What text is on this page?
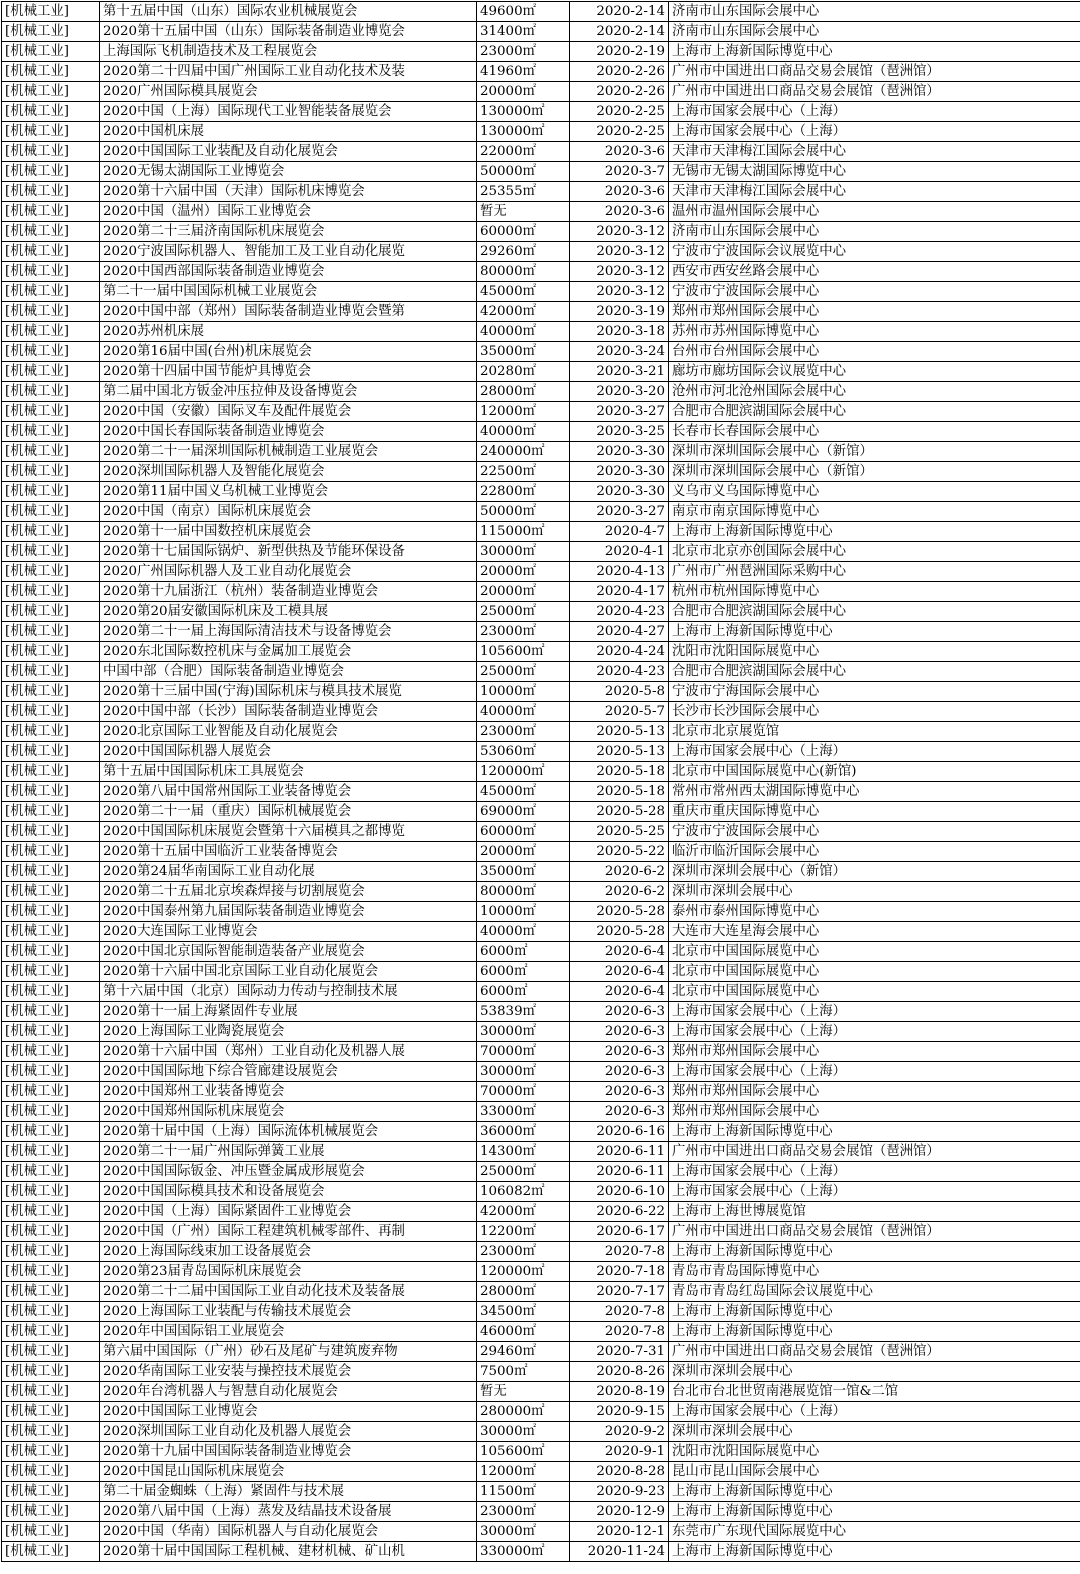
[机械工业]	第十五届中国（山东）国际农业机械展览会	49600㎡	2020-2-14	济南市山东国际会展中心
[机械工业]	2020第十五届中国（山东）国际装备制造业博览会	31400㎡	2020-2-14	济南市山东国际会展中心
[机械工业]	上海国际飞机制造技术及工程展览会	23000㎡	2020-2-19	上海市上海新国际博览中心
[机械工业]	2020第二十四届中国广州国际工业自动化技术及装	41960㎡	2020-2-26	广州市中国进出口商品交易会展馆（琶洲馆）
[机械工业]	2020广州国际模具展览会	20000㎡	2020-2-26	广州市中国进出口商品交易会展馆（琶洲馆）
[机械工业]	2020中国（上海）国际现代工业智能装备展览会	130000㎡	2020-2-25	上海市国家会展中心（上海）
[机械工业]	2020中国机床展	130000㎡	2020-2-25	上海市国家会展中心（上海）
[机械工业]	2020中国国际工业装配及自动化展览会	22000㎡	2020-3-6	天津市天津梅江国际会展中心
[机械工业]	2020无锡太湖国际工业博览会	50000㎡	2020-3-7	无锡市无锡太湖国际博览中心
[机械工业]	2020第十六届中国（天津）国际机床博览会	25355㎡	2020-3-6	天津市天津梅江国际会展中心
[机械工业]	2020中国（温州）国际工业博览会	暂无	2020-3-6	温州市温州国际会展中心
[机械工业]	2020第二十三届济南国际机床展览会	60000㎡	2020-3-12	济南市山东国际会展中心
[机械工业]	2020宁波国际机器人、智能加工及工业自动化展览	29260㎡	2020-3-12	宁波市宁波国际会议展览中心
[机械工业]	2020中国西部国际装备制造业博览会	80000㎡	2020-3-12	西安市西安丝路会展中心
[机械工业]	第二十一届中国国际机械工业展览会	45000㎡	2020-3-12	宁波市宁波国际会展中心
[机械工业]	2020中国中部（郑州）国际装备制造业博览会暨第	42000㎡	2020-3-19	郑州市郑州国际会展中心
[机械工业]	2020苏州机床展	40000㎡	2020-3-18	苏州市苏州国际博览中心
[机械工业]	2020第16届中国(台州)机床展览会	35000㎡	2020-3-24	台州市台州国际会展中心
[机械工业]	2020第十四届中国节能炉具博览会	20280㎡	2020-3-21	廊坊市廊坊国际会议展览中心
[机械工业]	第二届中国北方钣金冲压拉伸及设备博览会	28000㎡	2020-3-20	沧州市河北沧州国际会展中心
[机械工业]	2020中国（安徽）国际叉车及配件展览会	12000㎡	2020-3-27	合肥市合肥滨湖国际会展中心
[机械工业]	2020中国长春国际装备制造业博览会	40000㎡	2020-3-25	长春市长春国际会展中心
[机械工业]	2020第二十一届深圳国际机械制造工业展览会	240000㎡	2020-3-30	深圳市深圳国际会展中心（新馆）
[机械工业]	2020深圳国际机器人及智能化展览会	22500㎡	2020-3-30	深圳市深圳国际会展中心（新馆）
[机械工业]	2020第11届中国义乌机械工业博览会	22800㎡	2020-3-30	义乌市义乌国际博览中心
[机械工业]	2020中国（南京）国际机床展览会	50000㎡	2020-3-27	南京市南京国际博览中心
[机械工业]	2020第十一届中国数控机床展览会	115000㎡	2020-4-7	上海市上海新国际博览中心
[机械工业]	2020第十七届国际锅炉、新型供热及节能环保设备	30000㎡	2020-4-1	北京市北京亦创国际会展中心
[机械工业]	2020广州国际机器人及工业自动化展览会	20000㎡	2020-4-13	广州市广州琶洲国际采购中心
[机械工业]	2020第十九届浙江（杭州）装备制造业博览会	20000㎡	2020-4-17	杭州市杭州国际博览中心
[机械工业]	2020第20届安徽国际机床及工模具展	25000㎡	2020-4-23	合肥市合肥滨湖国际会展中心
[机械工业]	2020第二十一届上海国际清洁技术与设备博览会	23000㎡	2020-4-27	上海市上海新国际博览中心
[机械工业]	2020东北国际数控机床与金属加工展览会	105600㎡	2020-4-24	沈阳市沈阳国际展览中心
[机械工业]	中国中部（合肥）国际装备制造业博览会	25000㎡	2020-4-23	合肥市合肥滨湖国际会展中心
[机械工业]	2020第十三届中国(宁海)国际机床与模具技术展览	10000㎡	2020-5-8	宁波市宁海国际会展中心
[机械工业]	2020中国中部（长沙）国际装备制造业博览会	40000㎡	2020-5-7	长沙市长沙国际会展中心
[机械工业]	2020北京国际工业智能及自动化展览会	23000㎡	2020-5-13	北京市北京展览馆
[机械工业]	2020中国国际机器人展览会	53060㎡	2020-5-13	上海市国家会展中心（上海）
[机械工业]	第十五届中国国际机床工具展览会	120000㎡	2020-5-18	北京市中国国际展览中心(新馆)
[机械工业]	2020第八届中国常州国际工业装备博览会	45000㎡	2020-5-18	常州市常州西太湖国际博览中心
[机械工业]	2020第二十一届（重庆）国际机械展览会	69000㎡	2020-5-28	重庆市重庆国际博览中心
[机械工业]	2020中国国际机床展览会暨第十六届模具之都博览	60000㎡	2020-5-25	宁波市宁波国际会展中心
[机械工业]	2020第十五届中国临沂工业装备博览会	20000㎡	2020-5-22	临沂市临沂国际会展中心
[机械工业]	2020第24届华南国际工业自动化展	35000㎡	2020-6-2	深圳市深圳会展中心（新馆）
[机械工业]	2020第二十五届北京埃森焊接与切割展览会	80000㎡	2020-6-2	深圳市深圳会展中心
[机械工业]	2020中国泰州第九届国际装备制造业博览会	10000㎡	2020-5-28	泰州市泰州国际博览中心
[机械工业]	2020大连国际工业博览会	40000㎡	2020-5-28	大连市大连星海会展中心
[机械工业]	2020中国北京国际智能制造装备产业展览会	6000㎡	2020-6-4	北京市中国国际展览中心
[机械工业]	2020第十六届中国北京国际工业自动化展览会	6000㎡	2020-6-4	北京市中国国际展览中心
[机械工业]	第十六届中国（北京）国际动力传动与控制技术展	6000㎡	2020-6-4	北京市中国国际展览中心
[机械工业]	2020第十一届上海紧固件专业展	53839㎡	2020-6-3	上海市国家会展中心（上海）
[机械工业]	2020上海国际工业陶瓷展览会	30000㎡	2020-6-3	上海市国家会展中心（上海）
[机械工业]	2020第十六届中国（郑州）工业自动化及机器人展	70000㎡	2020-6-3	郑州市郑州国际会展中心
[机械工业]	2020中国国际地下综合管廊建设展览会	30000㎡	2020-6-3	上海市国家会展中心（上海）
[机械工业]	2020中国郑州工业装备博览会	70000㎡	2020-6-3	郑州市郑州国际会展中心
[机械工业]	2020中国郑州国际机床展览会	33000㎡	2020-6-3	郑州市郑州国际会展中心
[机械工业]	2020第十届中国（上海）国际流体机械展览会	36000㎡	2020-6-16	上海市上海新国际博览中心
[机械工业]	2020第二十一届广州国际弹簧工业展	14300㎡	2020-6-11	广州市中国进出口商品交易会展馆（琶洲馆）
[机械工业]	2020中国国际钣金、冲压暨金属成形展览会	25000㎡	2020-6-11	上海市国家会展中心（上海）
[机械工业]	2020中国国际模具技术和设备展览会	106082㎡	2020-6-10	上海市国家会展中心（上海）
[机械工业]	2020中国（上海）国际紧固件工业博览会	42000㎡	2020-6-22	上海市上海世博展览馆
[机械工业]	2020中国（广州）国际工程建筑机械零部件、再制	12200㎡	2020-6-17	广州市中国进出口商品交易会展馆（琶洲馆）
[机械工业]	2020上海国际线束加工设备展览会	23000㎡	2020-7-8	上海市上海新国际博览中心
[机械工业]	2020第23届青岛国际机床展览会	120000㎡	2020-7-18	青岛市青岛国际博览中心
[机械工业]	2020第二十二届中国国际工业自动化技术及装备展	28000㎡	2020-7-17	青岛市青岛红岛国际会议展览中心
[机械工业]	2020上海国际工业装配与传输技术展览会	34500㎡	2020-7-8	上海市上海新国际博览中心
[机械工业]	2020年中国国际铝工业展览会	46000㎡	2020-7-8	上海市上海新国际博览中心
[机械工业]	第六届中国国际（广州）砂石及尾矿与建筑废弃物	29460㎡	2020-7-31	广州市中国进出口商品交易会展馆（琶洲馆）
[机械工业]	2020华南国际工业安装与操控技术展览会	7500㎡	2020-8-26	深圳市深圳会展中心
[机械工业]	2020年台湾机器人与智慧自动化展览会	暂无	2020-8-19	台北市台北世贸南港展览馆一馆&二馆
[机械工业]	2020中国国际工业博览会	280000㎡	2020-9-15	上海市国家会展中心（上海）
[机械工业]	2020深圳国际工业自动化及机器人展览会	30000㎡	2020-9-2	深圳市深圳会展中心
[机械工业]	2020第十九届中国国际装备制造业博览会	105600㎡	2020-9-1	沈阳市沈阳国际展览中心
[机械工业]	2020中国昆山国际机床展览会	12000㎡	2020-8-28	昆山市昆山国际会展中心
[机械工业]	第二十届金蜘蛛（上海）紧固件与技术展	11500㎡	2020-9-23	上海市上海新国际博览中心
[机械工业]	2020第八届中国（上海）蒸发及结晶技术设备展	23000㎡	2020-12-9	上海市上海新国际博览中心
[机械工业]	2020中国（华南）国际机器人与自动化展览会	30000㎡	2020-12-1	东莞市广东现代国际展览中心
[机械工业]	2020第十届中国国际工程机械、建材机械、矿山机	330000㎡	2020-11-24	上海市上海新国际博览中心
